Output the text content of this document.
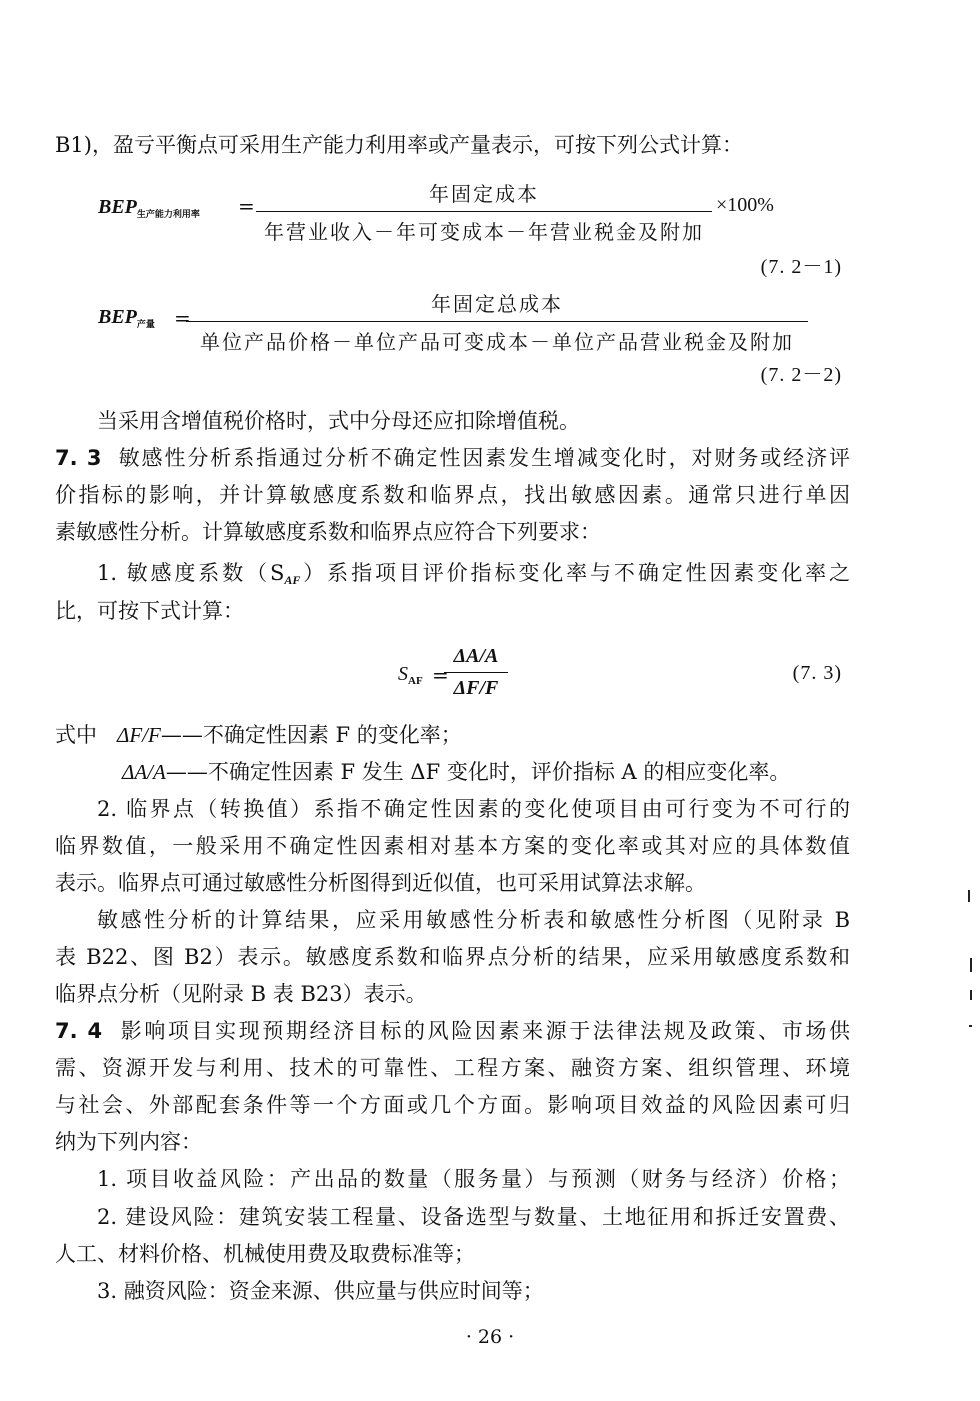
B1)，盈亏平衡点可采用生产能力利用率或产量表示，可按下列公式计算：
$BEP_{生产能力利用率}$ =	年固定成本
年营业收入－年可变成本－年营业税金及附加
×100%
(7. 2－1)
$BEP_{产量}$ =
年固定总成本
单位产品价格－单位产品可变成本－单位产品营业税金及附加
(7. 2－2)
当采用含增值税价格时，式中分母还应扣除增值税。
7. 3 敏感性分析系指通过分析不确定性因素发生增减变化时，对财务或经济评
价指标的影响，并计算敏感度系数和临界点，找出敏感因素。通常只进行单因
素敏感性分析。计算敏感度系数和临界点应符合下列要求：
1. 敏感度系数$(S_{AF})$系指项目评价指标变化率与不确定性因素变化率之
比，可按下式计算：
$S_{AF}$ =
$\frac{\Delta A/A}{\Delta F/F}$	(7. 3)
式中 ΔF/F——不确定性因素 F 的变化率；
ΔA/A——不确定性因素 F 发生 ΔF 变化时，评价指标 A 的相应变化率。
2. 临界点（转换值）系指不确定性因素的变化使项目由可行变为不可行的
临界数值，一般采用不确定性因素相对基本方案的变化率或其对应的具体数值
表示。临界点可通过敏感性分析图得到近似值，也可采用试算法求解。
敏感性分析的计算结果，应采用敏感性分析表和敏感性分析图（见附录 B
表 B22、图 B2）表示。敏感度系数和临界点分析的结果，应采用敏感度系数和
临界点分析（见附录 B 表 B23）表示。
7. 4 影响项目实现预期经济目标的风险因素来源于法律法规及政策、市场供
需、资源开发与利用、技术的可靠性、工程方案、融资方案、组织管理、环境
与社会、外部配套条件等一个方面或几个方面。影响项目效益的风险因素可归
纳为下列内容：
1. 项目收益风险：产出品的数量（服务量）与预测（财务与经济）价格；
2. 建设风险：建筑安装工程量、设备选型与数量、土地征用和拆迁安置费、
人工、材料价格、机械使用费及取费标准等；
3. 融资风险：资金来源、供应量与供应时间等；
· 26 ·
